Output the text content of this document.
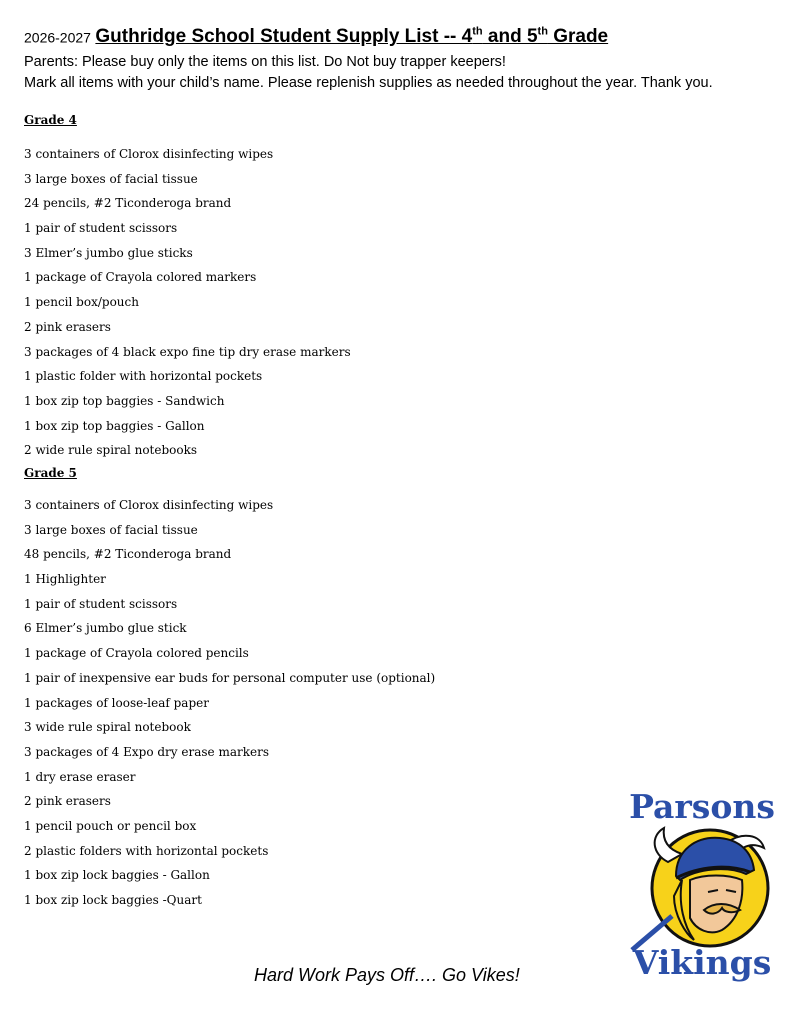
2026-2027 Guthridge School Student Supply List -- 4th and 5th Grade
Parents: Please buy only the items on this list. Do Not buy trapper keepers!
Mark all items with your child’s name. Please replenish supplies as needed throughout the year. Thank you.
Grade 4
3 containers of Clorox disinfecting wipes
3 large boxes of facial tissue
24 pencils, #2 Ticonderoga brand
1 pair of student scissors
3 Elmer’s jumbo glue sticks
1 package of Crayola colored markers
1 pencil box/pouch
2 pink erasers
3 packages of 4 black expo fine tip dry erase markers
1 plastic folder with horizontal pockets
1 box zip top baggies - Sandwich
1 box zip top baggies - Gallon
2 wide rule spiral notebooks
Grade 5
3 containers of Clorox disinfecting wipes
3 large boxes of facial tissue
48 pencils, #2 Ticonderoga brand
1 Highlighter
1 pair of student scissors
6 Elmer’s jumbo glue stick
1 package of Crayola colored pencils
1 pair of inexpensive ear buds for personal computer use (optional)
1 packages of loose-leaf paper
3 wide rule spiral notebook
3 packages of 4 Expo dry erase markers
1 dry erase eraser
2 pink erasers
1 pencil pouch or pencil box
2 plastic folders with horizontal pockets
1 box zip lock baggies - Gallon
1 box zip lock baggies -Quart
Hard Work Pays Off…. Go Vikes!
Parsons
Vikings
